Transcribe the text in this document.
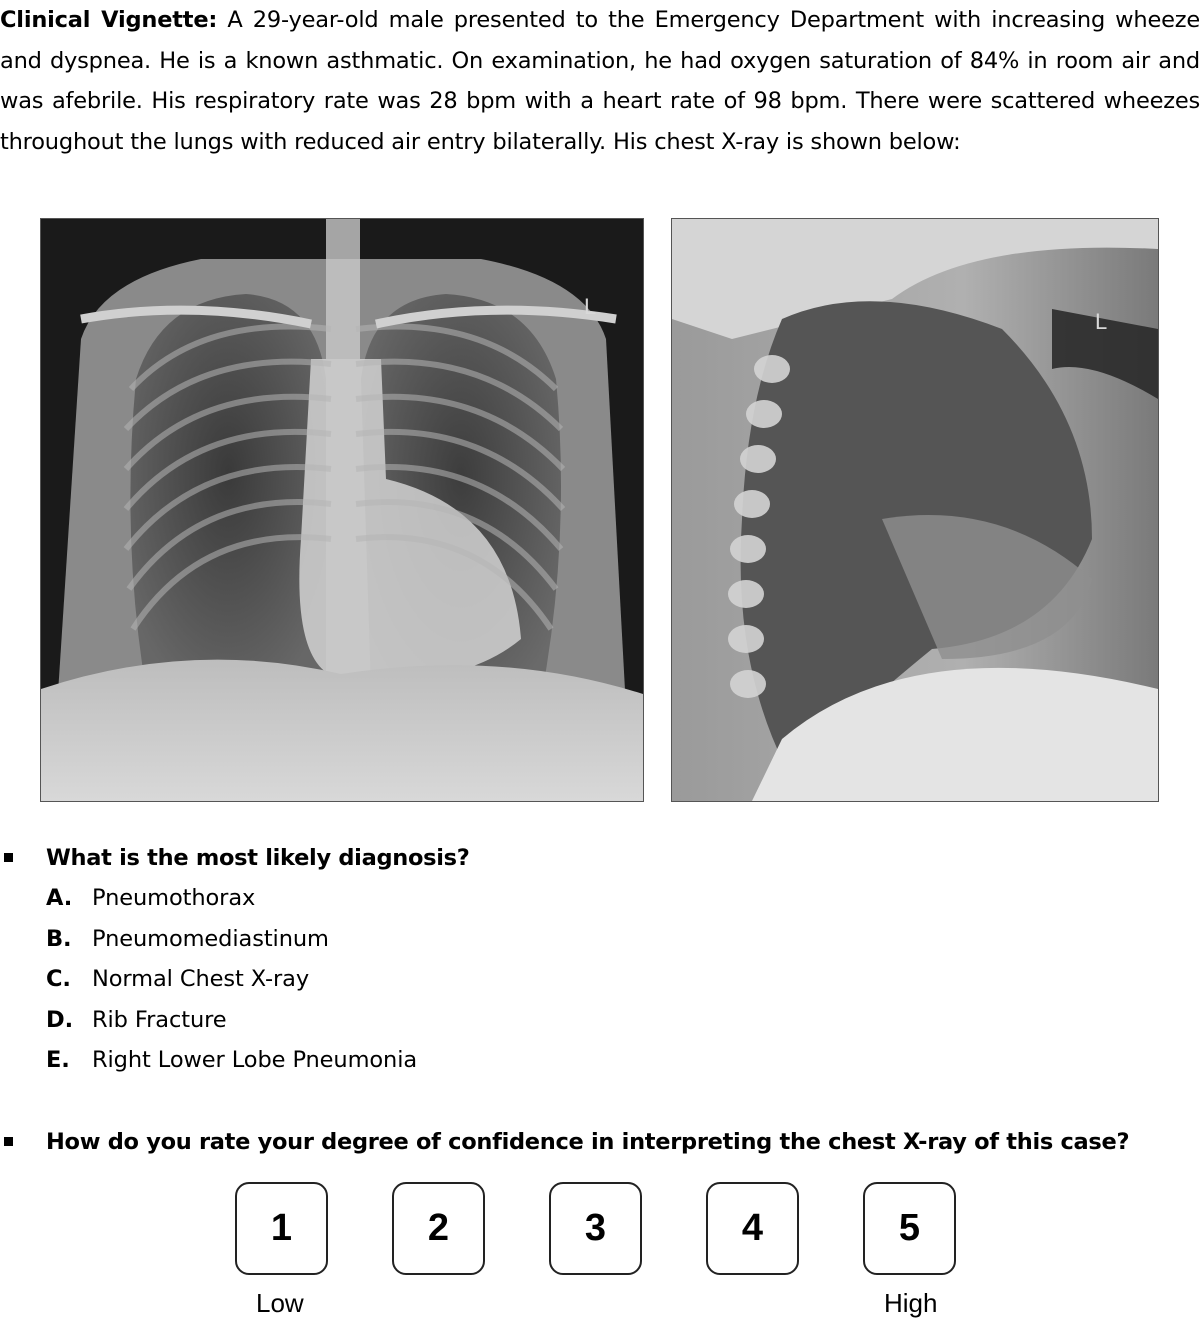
Clinical Vignette: A 29-year-old male presented to the Emergency Department with increasing wheeze and dyspnea. He is a known asthmatic. On examination, he had oxygen saturation of 84% in room air and was afebrile. His respiratory rate was 28 bpm with a heart rate of 98 bpm. There were scattered wheezes throughout the lungs with reduced air entry bilaterally. His chest X-ray is shown below:

L
L
What is the most likely diagnosis?
A. Pneumothorax
B. Pneumomediastinum
C. Normal Chest X-ray
D. Rib Fracture
E. Right Lower Lobe Pneumonia
How do you rate your degree of confidence in interpreting the chest X-ray of this case?
1	2	3	4	5
Low	High
